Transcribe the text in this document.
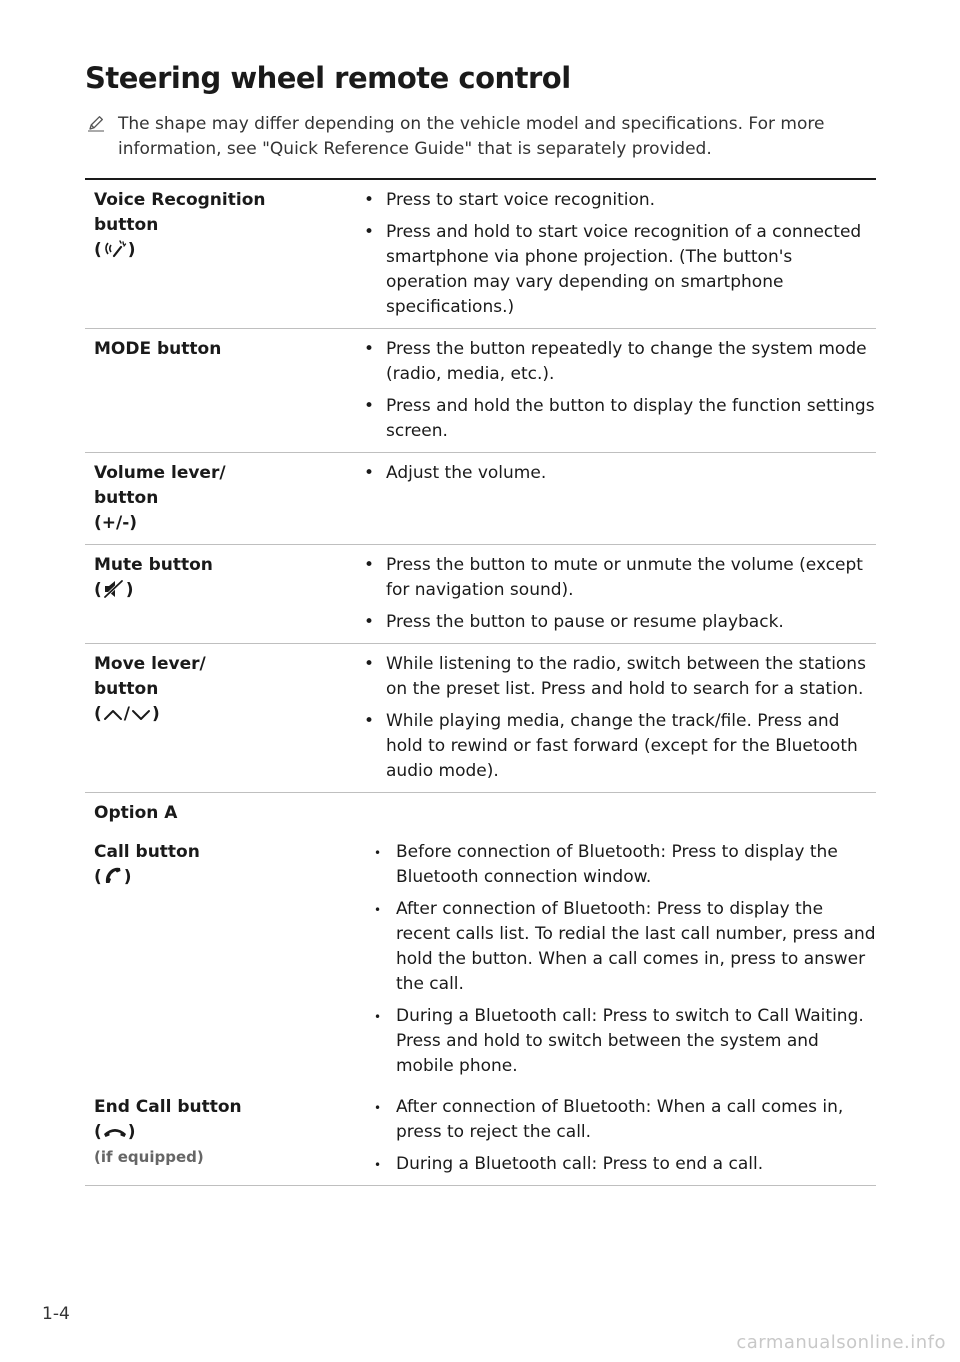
Steering wheel remote control
The shape may differ depending on the vehicle model and specifications. For more information, see "Quick Reference Guide" that is separately provided.
Voice Recognition
button
( )
• Press to start voice recognition.
• Press and hold to start voice recognition of a connected smartphone via phone projection. (The button's operation may vary depending on smartphone specifications.)
MODE button	• Press the button repeatedly to change the system mode (radio, media, etc.).
• Press and hold the button to display the function settings screen.
Volume lever/
button
(+/-)
• Adjust the volume.
Mute button
( )
• Press the button to mute or unmute the volume (except for navigation sound).
• Press the button to pause or resume playback.
Move lever/
button
( / )
• While listening to the radio, switch between the stations on the preset list. Press and hold to search for a station.
• While playing media, change the track/file. Press and hold to rewind or fast forward (except for the Bluetooth audio mode).
Option A
Call button
( )
• Before connection of Bluetooth: Press to display the Bluetooth connection window.
• After connection of Bluetooth: Press to display the recent calls list. To redial the last call number, press and hold the button. When a call comes in, press to answer the call.
• During a Bluetooth call: Press to switch to Call Waiting. Press and hold to switch between the system and mobile phone.
End Call button
( )
(if equipped)
• After connection of Bluetooth: When a call comes in, press to reject the call.
• During a Bluetooth call: Press to end a call.
1-4
carmanualsonline.info
